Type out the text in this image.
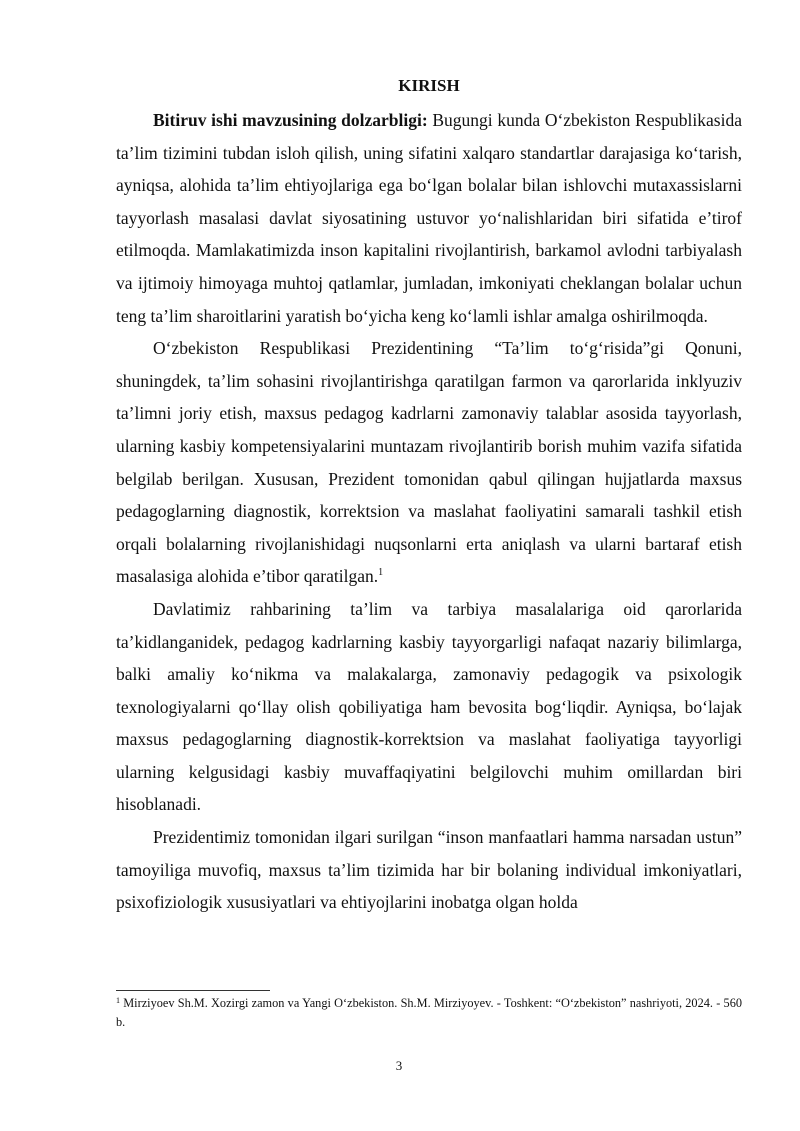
KIRISH

Bitiruv ishi mavzusining dolzarbligi: Bugungi kunda O‘zbekiston Respublikasida ta’lim tizimini tubdan isloh qilish, uning sifatini xalqaro standartlar darajasiga ko‘tarish, ayniqsa, alohida ta’lim ehtiyojlariga ega bo‘lgan bolalar bilan ishlovchi mutaxassislarni tayyorlash masalasi davlat siyosatining ustuvor yo‘nalishlaridan biri sifatida e’tirof etilmoqda. Mamlakatimizda inson kapitalini rivojlantirish, barkamol avlodni tarbiyalash va ijtimoiy himoyaga muhtoj qatlamlar, jumladan, imkoniyati cheklangan bolalar uchun teng ta’lim sharoitlarini yaratish bo‘yicha keng ko‘lamli ishlar amalga oshirilmoqda.

O‘zbekiston Respublikasi Prezidentining “Ta’lim to‘g‘risida”gi Qonuni, shuningdek, ta’lim sohasini rivojlantirishga qaratilgan farmon va qarorlarida inklyuziv ta’limni joriy etish, maxsus pedagog kadrlarni zamonaviy talablar asosida tayyorlash, ularning kasbiy kompetensiyalarini muntazam rivojlantirib borish muhim vazifa sifatida belgilab berilgan. Xususan, Prezident tomonidan qabul qilingan hujjatlarda maxsus pedagoglarning diagnostik, korrektsion va maslahat faoliyatini samarali tashkil etish orqali bolalarning rivojlanishidagi nuqsonlarni erta aniqlash va ularni bartaraf etish masalasiga alohida e’tibor qaratilgan.$^1$

Davlatimiz rahbarining ta’lim va tarbiya masalalariga oid qarorlarida ta’kidlanganidek, pedagog kadrlarning kasbiy tayyorgarligi nafaqat nazariy bilimlarga, balki amaliy ko‘nikma va malakalarga, zamonaviy pedagogik va psixologik texnologiyalarni qo‘llay olish qobiliyatiga ham bevosita bog‘liqdir. Ayniqsa, bo‘lajak maxsus pedagoglarning diagnostik-korrektsion va maslahat faoliyatiga tayyorligi ularning kelgusidagi kasbiy muvaffaqiyatini belgilovchi muhim omillardan biri hisoblanadi.

Prezidentimiz tomonidan ilgari surilgan “inson manfaatlari hamma narsadan ustun” tamoyiliga muvofiq, maxsus ta’lim tizimida har bir bolaning individual imkoniyatlari, psixofiziologik xususiyatlari va ehtiyojlarini inobatga olgan holda

$^1$ Mirziyoev Sh.M. Xozirgi zamon va Yangi O‘zbekiston. Sh.M. Mirziyoyev. - Toshkent: “O‘zbekiston” nashriyoti, 2024. - 560 b.
3
